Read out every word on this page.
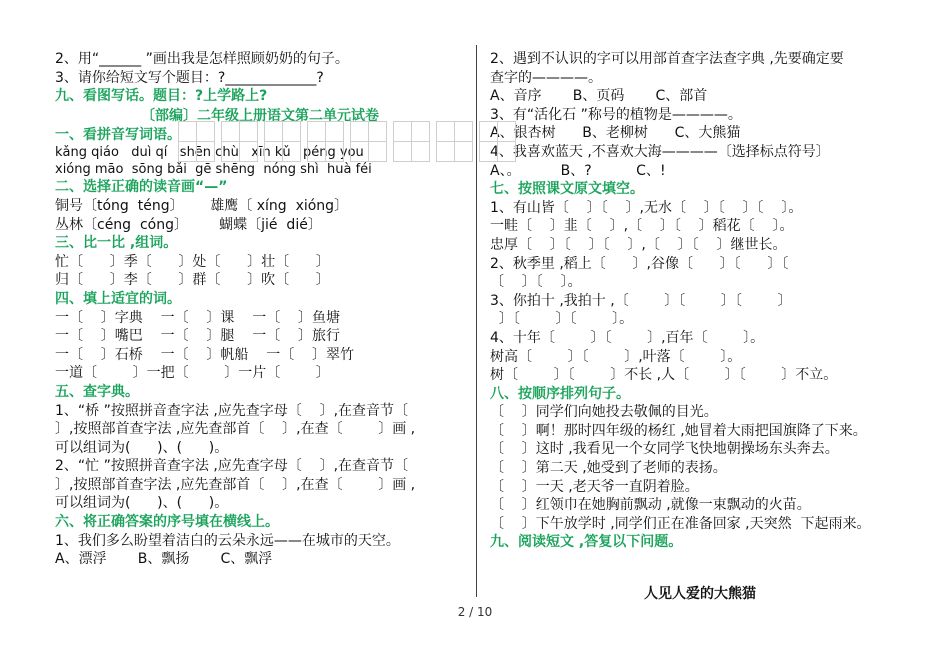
2、用“______ ”画出我是怎样照顾奶奶的句子。
3、请你给短文写个题目：?_____________?
九、看图写话。题目：?上学路上?
〔部编〕二年级上册语文第二单元试卷
一、看拼音写词语。
kǎng qiáo   duì qí   shēn chù   xīn kǔ   péng you
xióng māo  sōng bǎi  gē shēng  nóng shì  huà féi
二、选择正确的读音画“—”
铜号〔tóng  téng〕      雄鹰〔 xíng  xióng〕
丛林〔céng  cóng〕       蝴蝶〔jié  dié〕
三、比一比 ,组词。
忙〔      〕季〔      〕处〔      〕壮〔      〕
归〔      〕李〔      〕群〔      〕吹〔      〕
四、填上适宜的词。
一〔    〕字典    一〔    〕课    一〔    〕鱼塘
一〔    〕嘴巴    一〔    〕腿    一〔    〕旅行
一〔    〕石桥    一〔    〕帆船    一〔    〕翠竹
一道〔        〕一把〔        〕一片〔        〕
五、查字典。
1、“桥 ”按照拼音查字法 ,应先查字母〔    〕,在查音节〔
〕,按照部首查字法 ,应先查部首〔    〕,在查〔        〕画 ,
可以组词为(      )、(      )。
2、“忙 ”按照拼音查字法 ,应先查字母〔    〕,在查音节〔
〕,按照部首查字法 ,应先查部首〔    〕,在查〔        〕画 ,
可以组词为(      )、(      )。
六、将正确答案的序号填在横线上。
1、我们多么盼望着洁白的云朵永远——在城市的天空。
A、漂浮       B、飘扬       C、飘浮
2、遇到不认识的字可以用部首查字法查字典 ,先要确定要
查字的————。
A、音序       B、页码       C、部首
3、有“活化石 ”称号的植物是————。
A、银杏树      B、老柳树      C、大熊猫
4、我喜欢蓝天 ,不喜欢大海————〔选择标点符号〕
A、。         B、?          C、!
七、按照课文原文填空。
1、有山皆〔    〕〔    〕,无水〔    〕〔    〕〔    〕。
一畦〔    〕韭〔    〕,〔    〕〔    〕稻花〔    〕。
忠厚〔    〕〔    〕〔    〕,〔    〕〔    〕继世长。
2、秋季里 ,稻上〔      〕,谷像〔      〕〔      〕〔
〔    〕〔    〕。
3、你拍十 ,我拍十 ,〔        〕〔        〕〔        〕
〕〔        〕〔        〕。
4、十年〔        〕〔        〕,百年〔        〕。
树高〔        〕〔        〕,叶落〔        〕。
树〔        〕〔        〕不长 ,人〔        〕〔        〕不立。
八、按顺序排列句子。
〔    〕同学们向她投去敬佩的目光。
〔    〕啊！那时四年级的杨红 ,她冒着大雨把国旗降了下来。
〔    〕这时 ,我看见一个女同学飞快地朝操场东头奔去。
〔    〕第二天 ,她受到了老师的表扬。
〔    〕一天 ,老天爷一直阴着脸。
〔    〕红领巾在她胸前飘动 ,就像一束飘动的火苗。
〔    〕下午放学时 ,同学们正在准备回家 ,天突然  下起雨来。
九、阅读短文 ,答复以下问题。
人见人爱的大熊猫
2 / 10
